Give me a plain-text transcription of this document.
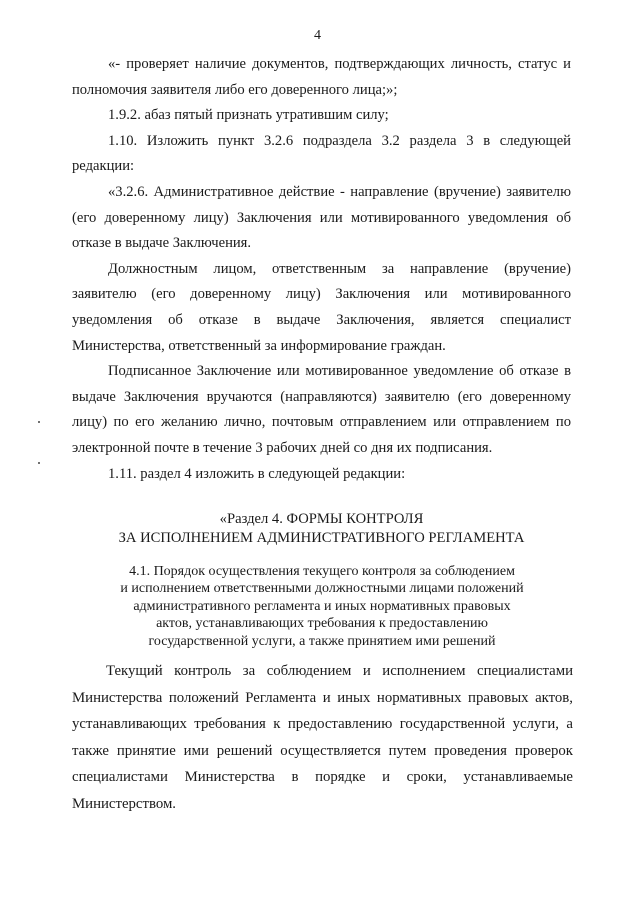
4

«- проверяет наличие документов, подтверждающих личность, статус и полномочия заявителя либо его доверенного лица;»;

1.9.2. абаз пятый признать утратившим силу;

1.10. Изложить пункт 3.2.6 подраздела 3.2 раздела 3 в следующей редакции:

«3.2.6. Административное действие - направление (вручение) заявителю (его доверенному лицу) Заключения или мотивированного уведомления об отказе в выдаче Заключения.

Должностным лицом, ответственным за направление (вручение) заявителю (его доверенному лицу) Заключения или мотивированного уведомления об отказе в выдаче Заключения, является специалист Министерства, ответственный за информирование граждан.

Подписанное Заключение или мотивированное уведомление об отказе в выдаче Заключения вручаются (направляются) заявителю (его доверенному лицу) по его желанию лично, почтовым отправлением или отправлением по электронной почте в течение 3 рабочих дней со дня их подписания.

1.11. раздел 4 изложить в следующей редакции:

«Раздел 4. ФОРМЫ КОНТРОЛЯ
ЗА ИСПОЛНЕНИЕМ АДМИНИСТРАТИВНОГО РЕГЛАМЕНТА
4.1. Порядок осуществления текущего контроля за соблюдением
и исполнением ответственными должностными лицами положений
административного регламента и иных нормативных правовых
актов, устанавливающих требования к предоставлению
государственной услуги, а также принятием ими решений

Текущий контроль за соблюдением и исполнением специалистами Министерства положений Регламента и иных нормативных правовых актов, устанавливающих требования к предоставлению государственной услуги, а также принятие ими решений осуществляется путем проведения проверок специалистами Министерства в порядке и сроки, устанавливаемые Министерством.
